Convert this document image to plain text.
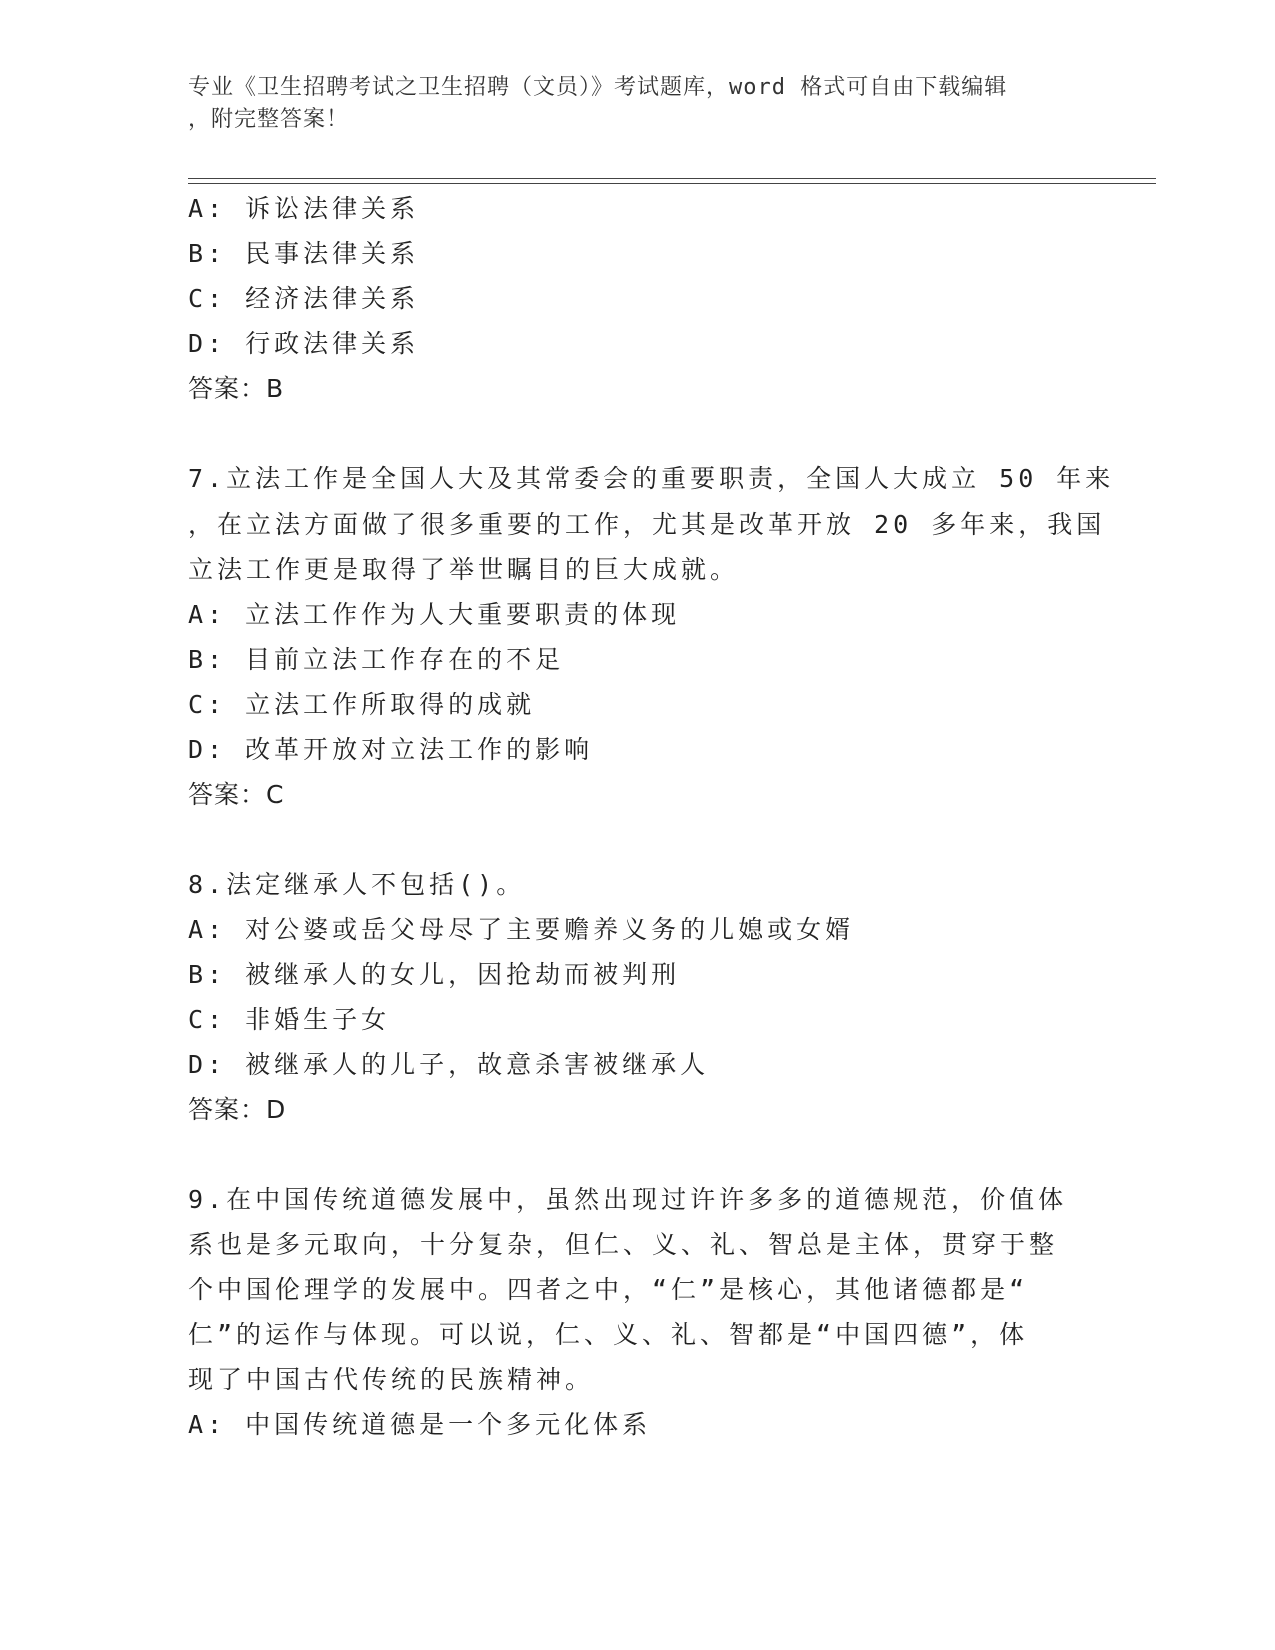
专业《卫生招聘考试之卫生招聘（文员）》考试题库，word 格式可自由下载编辑
，附完整答案！
A: 诉讼法律关系
B: 民事法律关系
C: 经济法律关系
D: 行政法律关系
答案：B
7.立法工作是全国人大及其常委会的重要职责，全国人大成立 50 年来
，在立法方面做了很多重要的工作，尤其是改革开放 20 多年来，我国
立法工作更是取得了举世瞩目的巨大成就。
A: 立法工作作为人大重要职责的体现
B: 目前立法工作存在的不足
C: 立法工作所取得的成就
D: 改革开放对立法工作的影响
答案：C
8.法定继承人不包括()。
A: 对公婆或岳父母尽了主要赡养义务的儿媳或女婿
B: 被继承人的女儿，因抢劫而被判刑
C: 非婚生子女
D: 被继承人的儿子，故意杀害被继承人
答案：D
9.在中国传统道德发展中，虽然出现过许许多多的道德规范，价值体
系也是多元取向，十分复杂，但仁、义、礼、智总是主体，贯穿于整
个中国伦理学的发展中。四者之中，“仁”是核心，其他诸德都是“
仁”的运作与体现。可以说，仁、义、礼、智都是“中国四德”，体
现了中国古代传统的民族精神。
A: 中国传统道德是一个多元化体系
